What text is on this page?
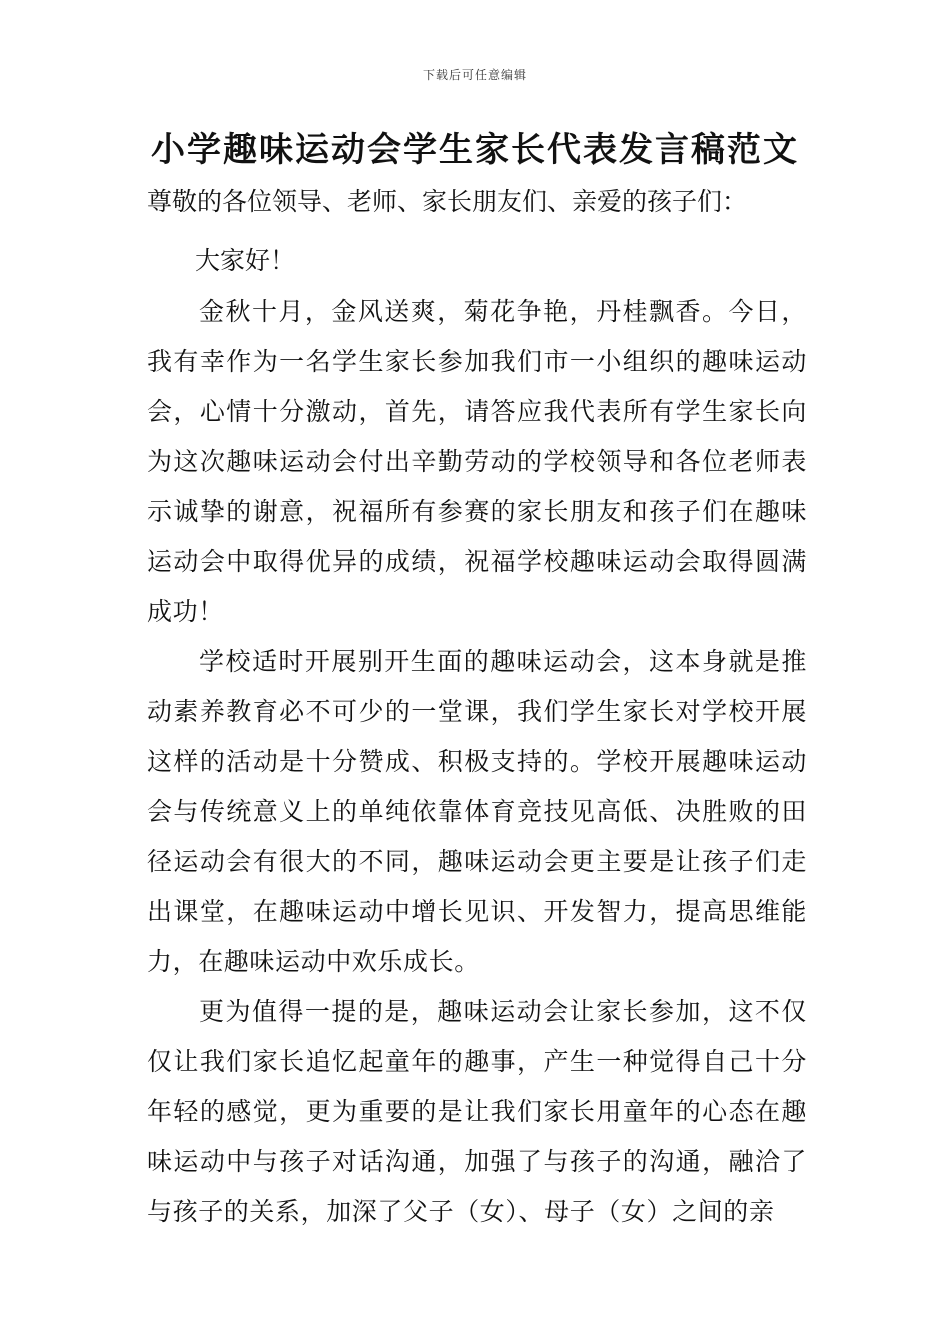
下载后可任意编辑
小学趣味运动会学生家长代表发言稿范文

尊敬的各位领导、老师、家长朋友们、亲爱的孩子们：

大家好！

金秋十月，金风送爽，菊花争艳，丹桂飘香。今日，我有幸作为一名学生家长参加我们市一小组织的趣味运动会，心情十分激动，首先，请答应我代表所有学生家长向为这次趣味运动会付出辛勤劳动的学校领导和各位老师表示诚挚的谢意，祝福所有参赛的家长朋友和孩子们在趣味运动会中取得优异的成绩，祝福学校趣味运动会取得圆满成功！

学校适时开展别开生面的趣味运动会，这本身就是推动素养教育必不可少的一堂课，我们学生家长对学校开展这样的活动是十分赞成、积极支持的。学校开展趣味运动会与传统意义上的单纯依靠体育竞技见高低、决胜败的田径运动会有很大的不同，趣味运动会更主要是让孩子们走出课堂，在趣味运动中增长见识、开发智力，提高思维能力，在趣味运动中欢乐成长。

更为值得一提的是，趣味运动会让家长参加，这不仅仅让我们家长追忆起童年的趣事，产生一种觉得自己十分年轻的感觉，更为重要的是让我们家长用童年的心态在趣味运动中与孩子对话沟通，加强了与孩子的沟通，融洽了与孩子的关系，加深了父子（女）、母子（女）之间的亲
